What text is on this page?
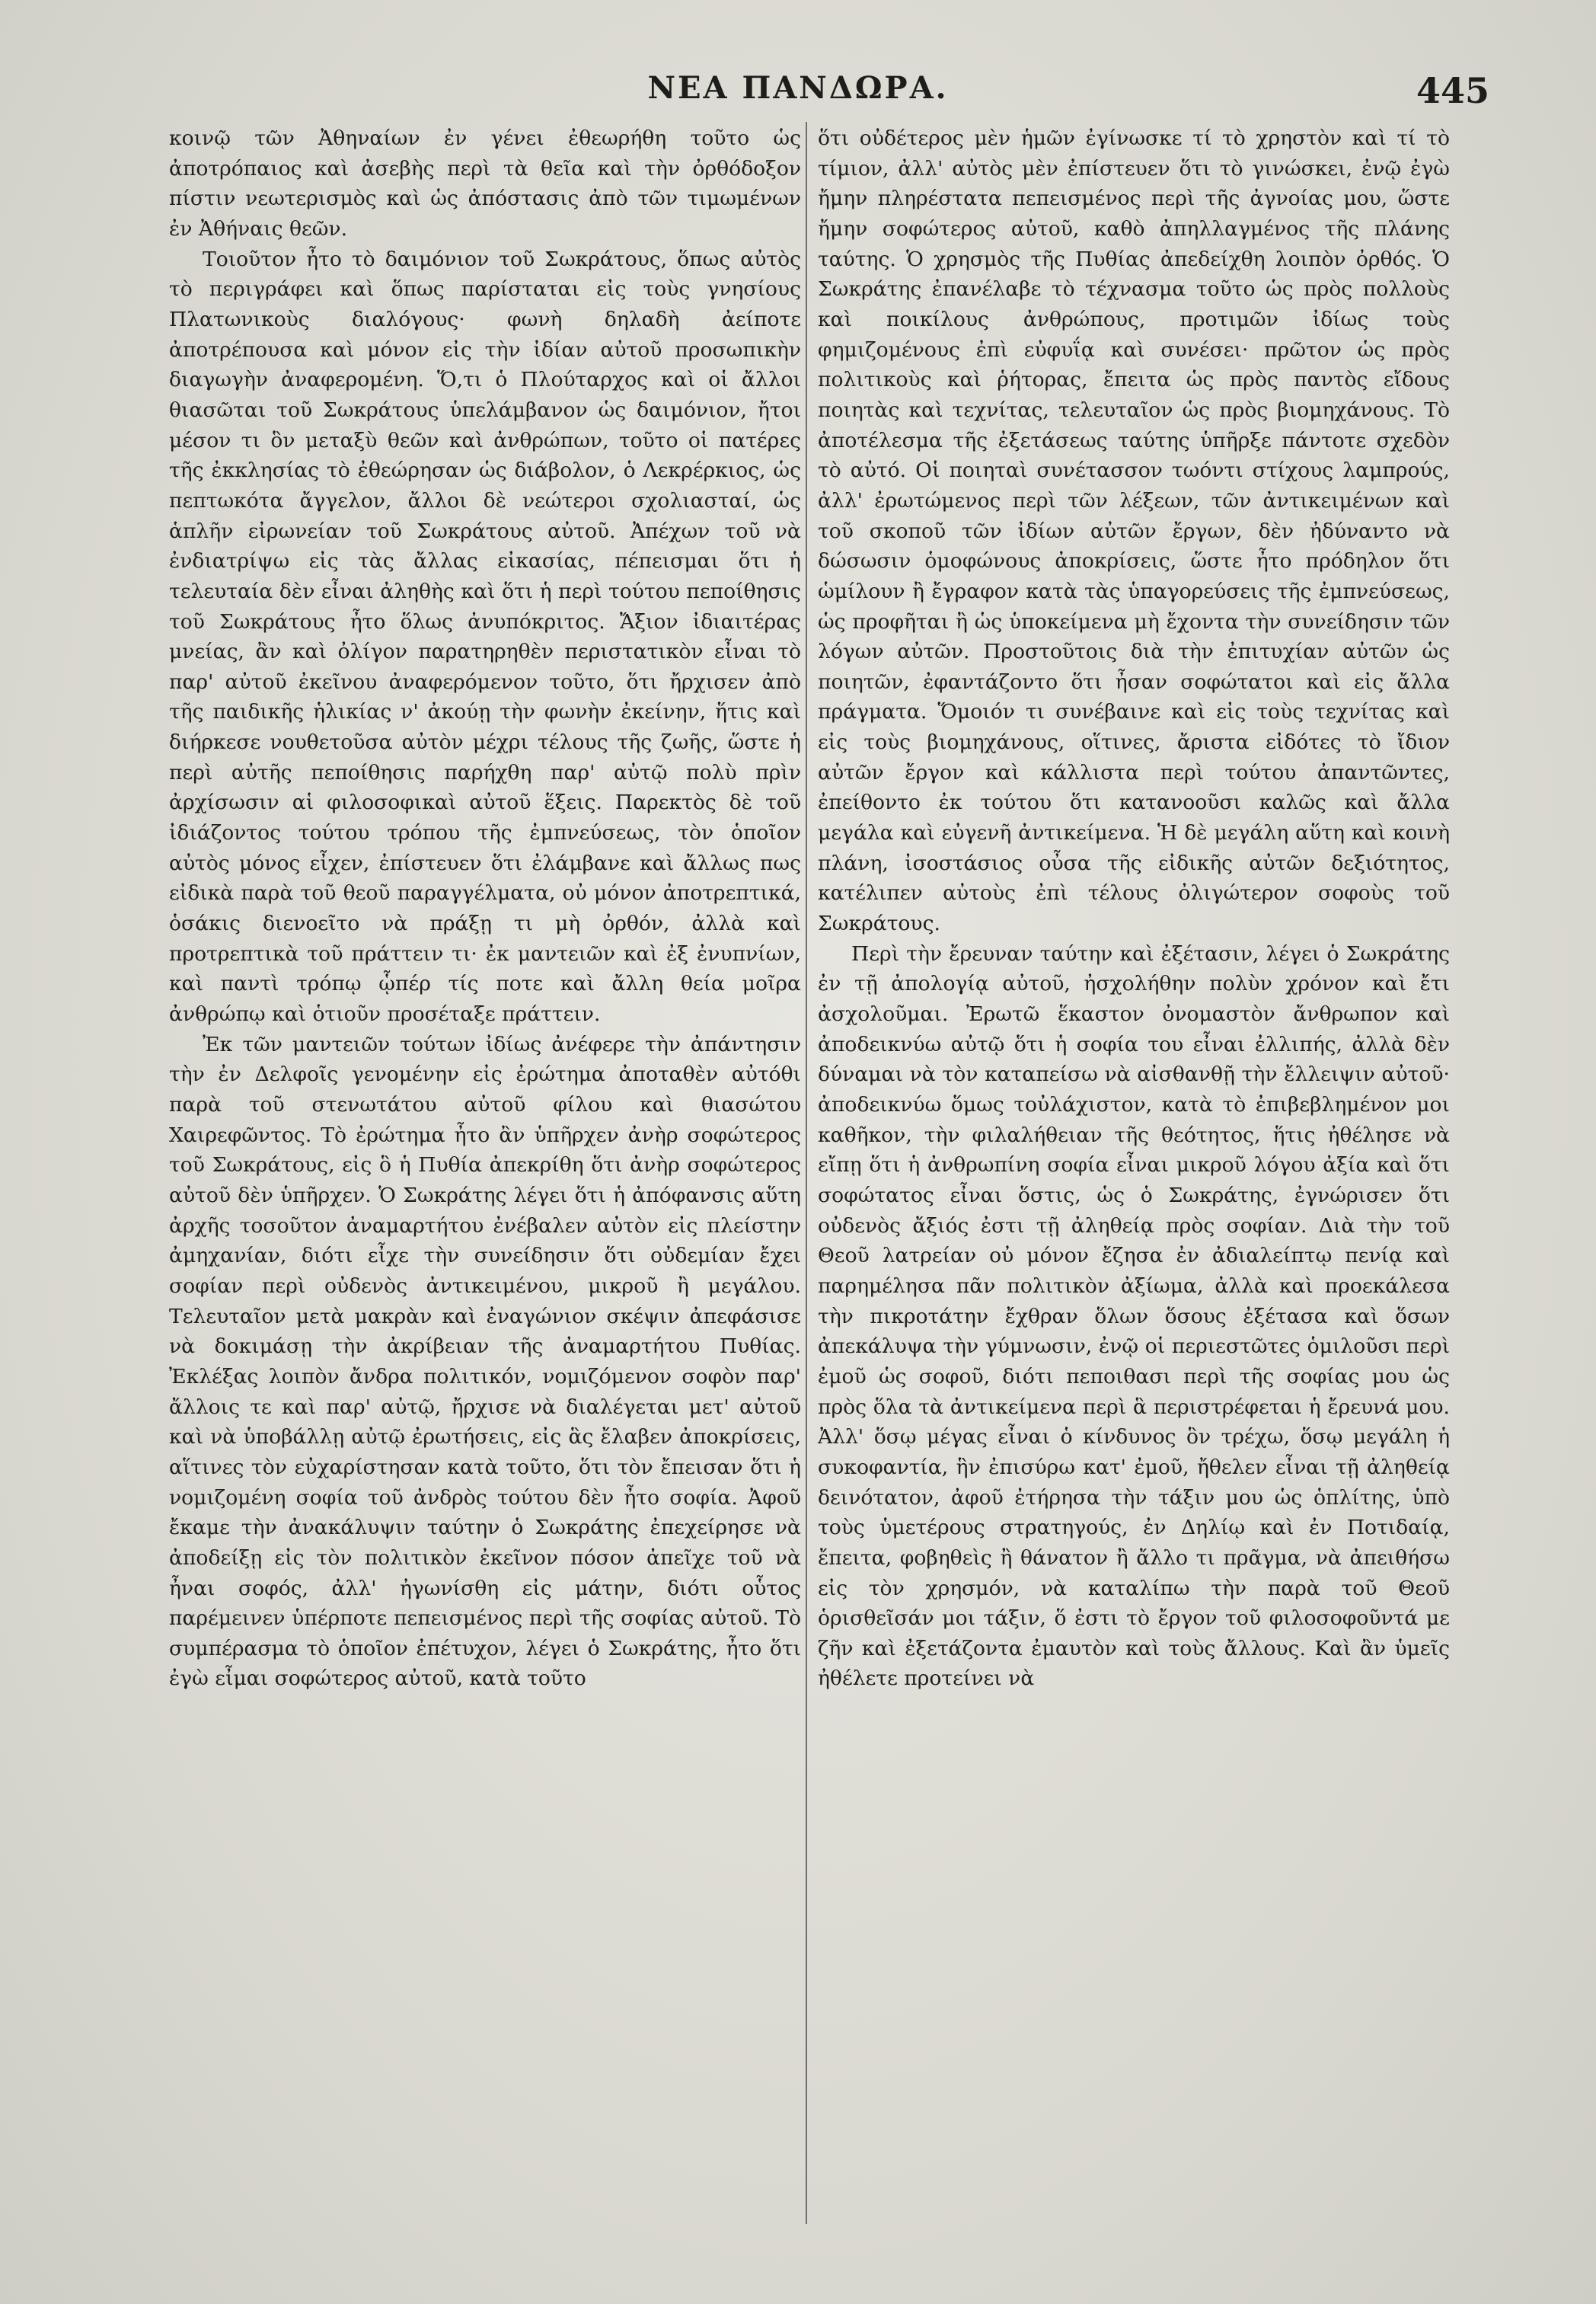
ΝΕΑ ΠΑΝΔΩΡΑ.	445

κοινῷ τῶν Ἀθηναίων ἐν γένει ἐθεωρήθη τοῦτο ὡς ἀποτρόπαιος καὶ ἀσεβὴς περὶ τὰ θεῖα καὶ τὴν ὀρθόδοξον πίστιν νεωτερισμὸς καὶ ὡς ἀπόστασις ἀπὸ τῶν τιμωμένων ἐν Ἀθήναις θεῶν.

Τοιοῦτον ἦτο τὸ δαιμόνιον τοῦ Σωκράτους, ὅπως αὐτὸς τὸ περιγράφει καὶ ὅπως παρίσταται εἰς τοὺς γνησίους Πλατωνικοὺς διαλόγους· φωνὴ δηλαδὴ ἀείποτε ἀποτρέπουσα καὶ μόνον εἰς τὴν ἰδίαν αὐτοῦ προσωπικὴν διαγωγὴν ἀναφερομένη. Ὅ,τι ὁ Πλούταρχος καὶ οἱ ἄλλοι θιασῶται τοῦ Σωκράτους ὑπελάμβανον ὡς δαιμόνιον, ἤτοι μέσον τι ὃν μεταξὺ θεῶν καὶ ἀνθρώπων, τοῦτο οἱ πατέρες τῆς ἐκκλησίας τὸ ἐθεώρησαν ὡς διάβολον, ὁ Λεκρέρκιος, ὡς πεπτωκότα ἄγγελον, ἄλλοι δὲ νεώτεροι σχολιασταί, ὡς ἁπλῆν εἰρωνείαν τοῦ Σωκράτους αὐτοῦ. Ἀπέχων τοῦ νὰ ἐνδιατρίψω εἰς τὰς ἄλλας εἰκασίας, πέπεισμαι ὅτι ἡ τελευταία δὲν εἶναι ἀληθὴς καὶ ὅτι ἡ περὶ τούτου πεποίθησις τοῦ Σωκράτους ἦτο ὅλως ἀνυπόκριτος. Ἄξιον ἰδιαιτέρας μνείας, ἂν καὶ ὀλίγον παρατηρηθὲν περιστατικὸν εἶναι τὸ παρ' αὐτοῦ ἐκεῖνου ἀναφερόμενον τοῦτο, ὅτι ἤρχισεν ἀπὸ τῆς παιδικῆς ἡλικίας ν' ἀκούῃ τὴν φωνὴν ἐκείνην, ἥτις καὶ διήρκεσε νουθετοῦσα αὐτὸν μέχρι τέλους τῆς ζωῆς, ὥστε ἡ περὶ αὐτῆς πεποίθησις παρήχθη παρ' αὐτῷ πολὺ πρὶν ἀρχίσωσιν αἱ φιλοσοφικαὶ αὐτοῦ ἕξεις. Παρεκτὸς δὲ τοῦ ἰδιάζοντος τούτου τρόπου τῆς ἐμπνεύσεως, τὸν ὁποῖον αὐτὸς μόνος εἶχεν, ἐπίστευεν ὅτι ἐλάμβανε καὶ ἄλλως πως εἰδικὰ παρὰ τοῦ θεοῦ παραγγέλματα, οὐ μόνον ἀποτρεπτικά, ὁσάκις διενοεῖτο νὰ πράξῃ τι μὴ ὀρθόν, ἀλλὰ καὶ προτρεπτικὰ τοῦ πράττειν τι· ἐκ μαντειῶν καὶ ἐξ ἐνυπνίων, καὶ παντὶ τρόπῳ ᾧπέρ τίς ποτε καὶ ἄλλη θεία μοῖρα ἀνθρώπῳ καὶ ὁτιοῦν προσέταξε πράττειν.

Ἐκ τῶν μαντειῶν τούτων ἰδίως ἀνέφερε τὴν ἀπάντησιν τὴν ἐν Δελφοῖς γενομένην εἰς ἐρώτημα ἀποταθὲν αὐτόθι παρὰ τοῦ στενωτάτου αὐτοῦ φίλου καὶ θιασώτου Χαιρεφῶντος. Τὸ ἐρώτημα ἦτο ἂν ὑπῆρχεν ἀνὴρ σοφώτερος τοῦ Σωκράτους, εἰς ὃ ἡ Πυθία ἀπεκρίθη ὅτι ἀνὴρ σοφώτερος αὐτοῦ δὲν ὑπῆρχεν. Ὁ Σωκράτης λέγει ὅτι ἡ ἀπόφανσις αὕτη ἀρχῆς τοσοῦτον ἀναμαρτήτου ἐνέβαλεν αὐτὸν εἰς πλείστην ἀμηχανίαν, διότι εἶχε τὴν συνείδησιν ὅτι οὐδεμίαν ἔχει σοφίαν περὶ οὐδενὸς ἀντικειμένου, μικροῦ ἢ μεγάλου. Τελευταῖον μετὰ μακρὰν καὶ ἐναγώνιον σκέψιν ἀπεφάσισε νὰ δοκιμάσῃ τὴν ἀκρίβειαν τῆς ἀναμαρτήτου Πυθίας. Ἐκλέξας λοιπὸν ἄνδρα πολιτικόν, νομιζόμενον σοφὸν παρ' ἄλλοις τε καὶ παρ' αὐτῷ, ἤρχισε νὰ διαλέγεται μετ' αὐτοῦ καὶ νὰ ὑποβάλλῃ αὐτῷ ἐρωτήσεις, εἰς ἃς ἔλαβεν ἀποκρίσεις, αἵτινες τὸν εὐχαρίστησαν κατὰ τοῦτο, ὅτι τὸν ἔπεισαν ὅτι ἡ νομιζομένη σοφία τοῦ ἀνδρὸς τούτου δὲν ἦτο σοφία. Ἀφοῦ ἔκαμε τὴν ἀνακάλυψιν ταύτην ὁ Σωκράτης ἐπεχείρησε νὰ ἀποδείξῃ εἰς τὸν πολιτικὸν ἐκεῖνον πόσον ἀπεῖχε τοῦ νὰ ἦναι σοφός, ἀλλ' ἠγωνίσθη εἰς μάτην, διότι οὗτος παρέμεινεν ὑπέρποτε πεπεισμένος περὶ τῆς σοφίας αὐτοῦ. Τὸ συμπέρασμα τὸ ὁποῖον ἐπέτυχον, λέγει ὁ Σωκράτης, ἦτο ὅτι ἐγὼ εἶμαι σοφώτερος αὐτοῦ, κατὰ τοῦτο

ὅτι οὐδέτερος μὲν ἡμῶν ἐγίνωσκε τί τὸ χρηστὸν καὶ τί τὸ τίμιον, ἀλλ' αὐτὸς μὲν ἐπίστευεν ὅτι τὸ γινώσκει, ἐνῷ ἐγὼ ἤμην πληρέστατα πεπεισμένος περὶ τῆς ἀγνοίας μου, ὥστε ἤμην σοφώτερος αὐτοῦ, καθὸ ἀπηλλαγμένος τῆς πλάνης ταύτης. Ὁ χρησμὸς τῆς Πυθίας ἀπεδείχθη λοιπὸν ὀρθός. Ὁ Σωκράτης ἐπανέλαβε τὸ τέχνασμα τοῦτο ὡς πρὸς πολλοὺς καὶ ποικίλους ἀνθρώπους, προτιμῶν ἰδίως τοὺς φημιζομένους ἐπὶ εὐφυΐᾳ καὶ συνέσει· πρῶτον ὡς πρὸς πολιτικοὺς καὶ ῥήτορας, ἔπειτα ὡς πρὸς παντὸς εἴδους ποιητὰς καὶ τεχνίτας, τελευταῖον ὡς πρὸς βιομηχάνους. Τὸ ἀποτέλεσμα τῆς ἐξετάσεως ταύτης ὑπῆρξε πάντοτε σχεδὸν τὸ αὐτό. Οἱ ποιηταὶ συνέτασσον τωόντι στίχους λαμπρούς, ἀλλ' ἐρωτώμενος περὶ τῶν λέξεων, τῶν ἀντικειμένων καὶ τοῦ σκοποῦ τῶν ἰδίων αὐτῶν ἔργων, δὲν ἠδύναντο νὰ δώσωσιν ὁμοφώνους ἀποκρίσεις, ὥστε ἦτο πρόδηλον ὅτι ὡμίλουν ἢ ἔγραφον κατὰ τὰς ὑπαγορεύσεις τῆς ἐμπνεύσεως, ὡς προφῆται ἢ ὡς ὑποκείμενα μὴ ἔχοντα τὴν συνείδησιν τῶν λόγων αὐτῶν. Προστοῦτοις διὰ τὴν ἐπιτυχίαν αὐτῶν ὡς ποιητῶν, ἐφαντάζοντο ὅτι ἦσαν σοφώτατοι καὶ εἰς ἄλλα πράγματα. Ὅμοιόν τι συνέβαινε καὶ εἰς τοὺς τεχνίτας καὶ εἰς τοὺς βιομηχάνους, οἵτινες, ἄριστα εἰδότες τὸ ἴδιον αὐτῶν ἔργον καὶ κάλλιστα περὶ τούτου ἀπαντῶντες, ἐπείθοντο ἐκ τούτου ὅτι κατανοοῦσι καλῶς καὶ ἄλλα μεγάλα καὶ εὐγενῆ ἀντικείμενα. Ἡ δὲ μεγάλη αὕτη καὶ κοινὴ πλάνη, ἰσοστάσιος οὖσα τῆς εἰδικῆς αὐτῶν δεξιότητος, κατέλιπεν αὐτοὺς ἐπὶ τέλους ὀλιγώτερον σοφοὺς τοῦ Σωκράτους.

Περὶ τὴν ἔρευναν ταύτην καὶ ἐξέτασιν, λέγει ὁ Σωκράτης ἐν τῇ ἀπολογίᾳ αὐτοῦ, ἠσχολήθην πολὺν χρόνον καὶ ἔτι ἀσχολοῦμαι. Ἐρωτῶ ἕκαστον ὀνομαστὸν ἄνθρωπον καὶ ἀποδεικνύω αὐτῷ ὅτι ἡ σοφία του εἶναι ἐλλιπής, ἀλλὰ δὲν δύναμαι νὰ τὸν καταπείσω νὰ αἰσθανθῇ τὴν ἔλλειψιν αὐτοῦ· ἀποδεικνύω ὅμως τοὐλάχιστον, κατὰ τὸ ἐπιβεβλημένον μοι καθῆκον, τὴν φιλαλήθειαν τῆς θεότητος, ἥτις ἠθέλησε νὰ εἴπῃ ὅτι ἡ ἀνθρωπίνη σοφία εἶναι μικροῦ λόγου ἀξία καὶ ὅτι σοφώτατος εἶναι ὅστις, ὡς ὁ Σωκράτης, ἐγνώρισεν ὅτι οὐδενὸς ἄξιός ἐστι τῇ ἀληθείᾳ πρὸς σοφίαν. Διὰ τὴν τοῦ Θεοῦ λατρείαν οὐ μόνον ἔζησα ἐν ἀδιαλείπτῳ πενίᾳ καὶ παρημέλησα πᾶν πολιτικὸν ἀξίωμα, ἀλλὰ καὶ προεκάλεσα τὴν πικροτάτην ἔχθραν ὅλων ὅσους ἐξέτασα καὶ ὅσων ἀπεκάλυψα τὴν γύμνωσιν, ἐνῷ οἱ περιεστῶτες ὁμιλοῦσι περὶ ἐμοῦ ὡς σοφοῦ, διότι πεποιθασι περὶ τῆς σοφίας μου ὡς πρὸς ὅλα τὰ ἀντικείμενα περὶ ἃ περιστρέφεται ἡ ἔρευνά μου. Ἀλλ' ὅσῳ μέγας εἶναι ὁ κίνδυνος ὃν τρέχω, ὅσῳ μεγάλη ἡ συκοφαντία, ἣν ἐπισύρω κατ' ἐμοῦ, ἤθελεν εἶναι τῇ ἀληθείᾳ δεινότατον, ἀφοῦ ἐτήρησα τὴν τάξιν μου ὡς ὁπλίτης, ὑπὸ τοὺς ὑμετέρους στρατηγούς, ἐν Δηλίῳ καὶ ἐν Ποτιδαίᾳ, ἔπειτα, φοβηθεὶς ἢ θάνατον ἢ ἄλλο τι πρᾶγμα, νὰ ἀπειθήσω εἰς τὸν χρησμόν, νὰ καταλίπω τὴν παρὰ τοῦ Θεοῦ ὁρισθεῖσάν μοι τάξιν, ὅ ἐστι τὸ ἔργον τοῦ φιλοσοφοῦντά με ζῆν καὶ ἐξετάζοντα ἐμαυτὸν καὶ τοὺς ἄλλους. Καὶ ἂν ὑμεῖς ἠθέλετε προτείνει νὰ
